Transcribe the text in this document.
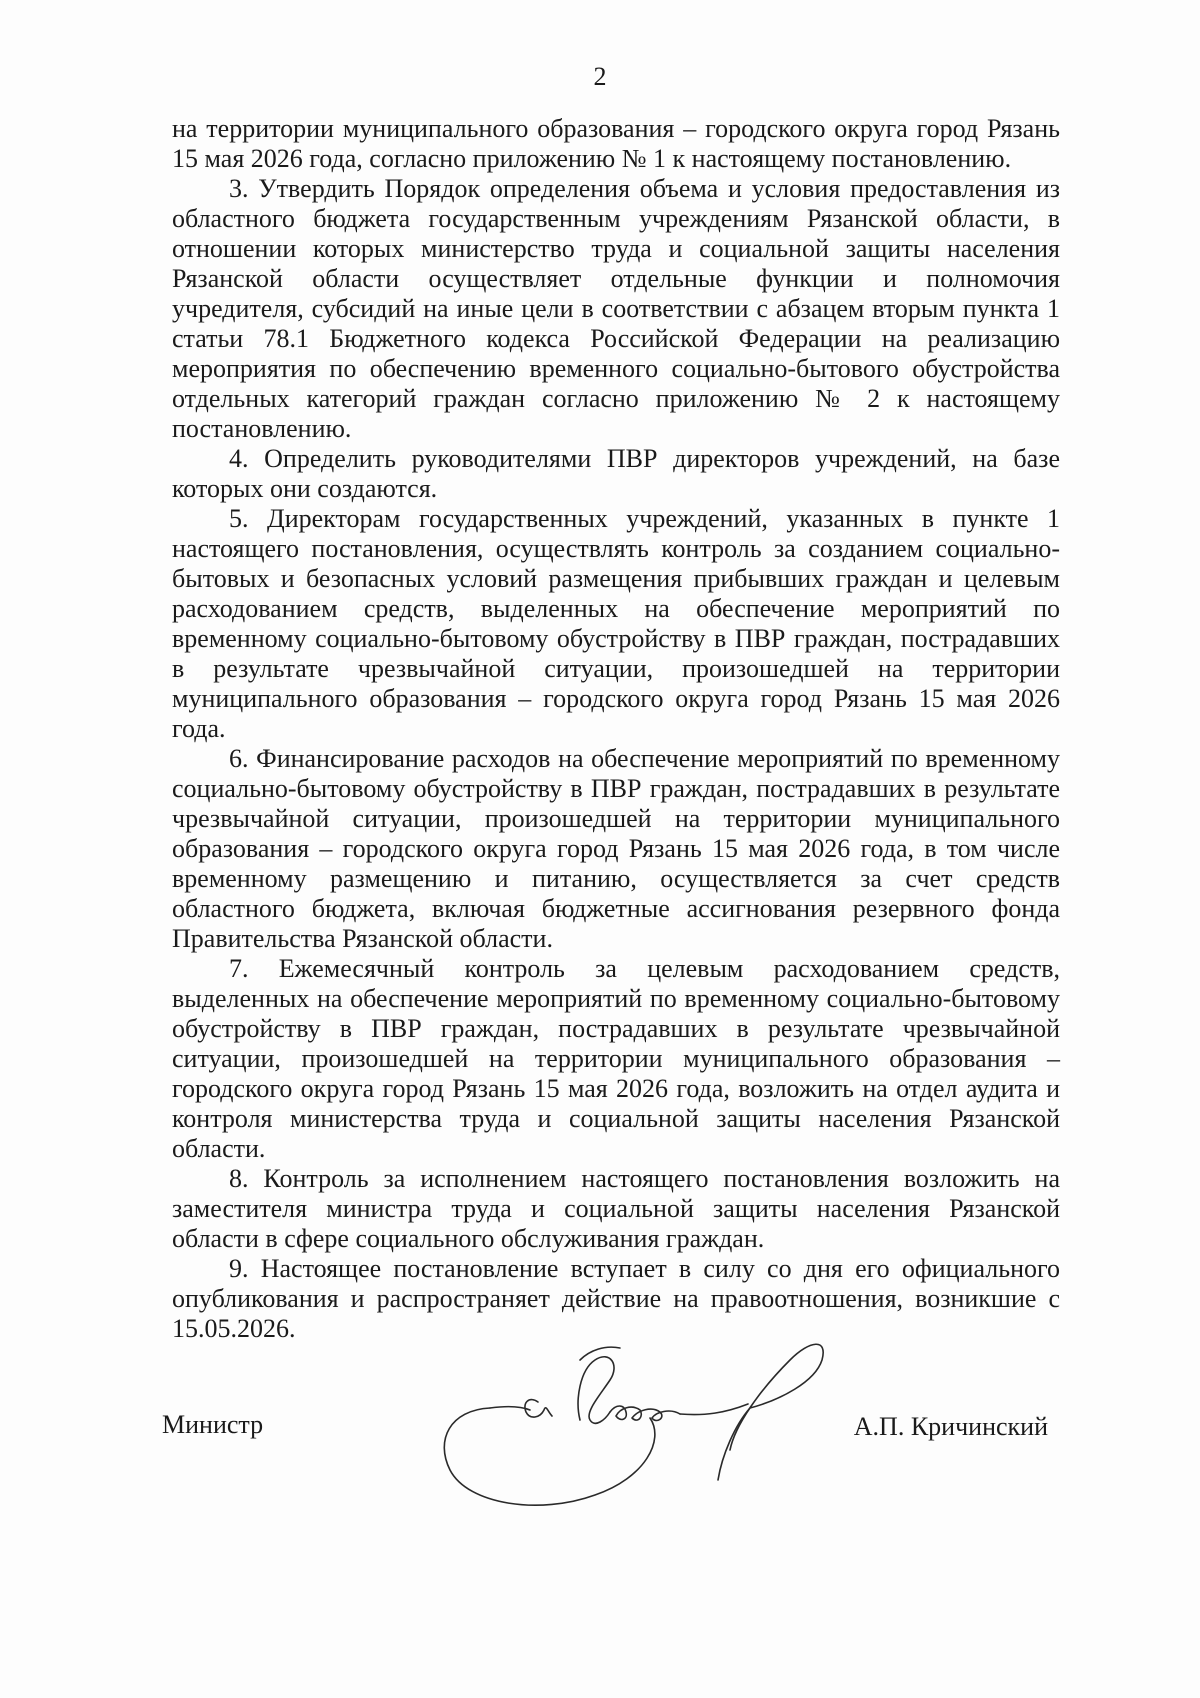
2

на территории муниципального образования – городского округа город Рязань 15 мая 2026 года, согласно приложению № 1 к настоящему постановлению.

3. Утвердить Порядок определения объема и условия предоставления из областного бюджета государственным учреждениям Рязанской области, в отношении которых министерство труда и социальной защиты населения Рязанской области осуществляет отдельные функции и полномочия учредителя, субсидий на иные цели в соответствии с абзацем вторым пункта 1 статьи 78.1 Бюджетного кодекса Российской Федерации на реализацию мероприятия по обеспечению временного социально-бытового обустройства отдельных категорий граждан согласно приложению № 2 к настоящему постановлению.

4. Определить руководителями ПВР директоров учреждений, на базе которых они создаются.

5. Директорам государственных учреждений, указанных в пункте 1 настоящего постановления, осуществлять контроль за созданием социально-бытовых и безопасных условий размещения прибывших граждан и целевым расходованием средств, выделенных на обеспечение мероприятий по временному социально-бытовому обустройству в ПВР граждан, пострадавших в результате чрезвычайной ситуации, произошедшей на территории муниципального образования – городского округа город Рязань 15 мая 2026 года.

6. Финансирование расходов на обеспечение мероприятий по временному социально-бытовому обустройству в ПВР граждан, пострадавших в результате чрезвычайной ситуации, произошедшей на территории муниципального образования – городского округа город Рязань 15 мая 2026 года, в том числе временному размещению и питанию, осуществляется за счет средств областного бюджета, включая бюджетные ассигнования резервного фонда Правительства Рязанской области.

7. Ежемесячный контроль за целевым расходованием средств, выделенных на обеспечение мероприятий по временному социально-бытовому обустройству в ПВР граждан, пострадавших в результате чрезвычайной ситуации, произошедшей на территории муниципального образования – городского округа город Рязань 15 мая 2026 года, возложить на отдел аудита и контроля министерства труда и социальной защиты населения Рязанской области.

8. Контроль за исполнением настоящего постановления возложить на заместителя министра труда и социальной защиты населения Рязанской области в сфере социального обслуживания граждан.

9. Настоящее постановление вступает в силу со дня его официального опубликования и распространяет действие на правоотношения, возникшие с 15.05.2026.

Министр	А.П. Кричинский
